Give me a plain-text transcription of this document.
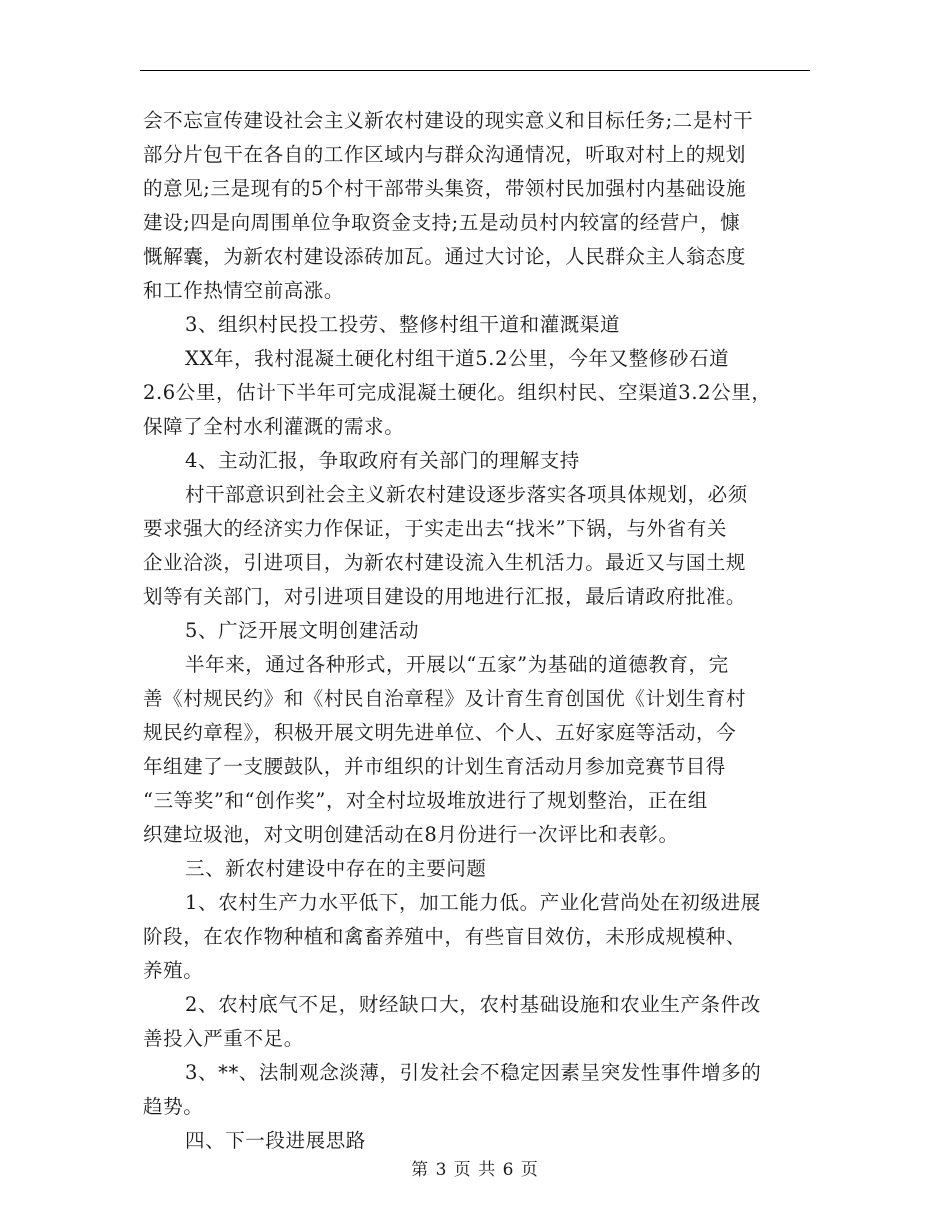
会不忘宣传建设社会主义新农村建设的现实意义和目标任务;二是村干
部分片包干在各自的工作区域内与群众沟通情况，听取对村上的规划
的意见;三是现有的5个村干部带头集资，带领村民加强村内基础设施
建设;四是向周围单位争取资金支持;五是动员村内较富的经营户，慷
慨解囊，为新农村建设添砖加瓦。通过大讨论，人民群众主人翁态度
和工作热情空前高涨。
3、组织村民投工投劳、整修村组干道和灌溉渠道
XX年，我村混凝土硬化村组干道5.2公里，今年又整修砂石道
2.6公里，估计下半年可完成混凝土硬化。组织村民、空渠道3.2公里，
保障了全村水利灌溉的需求。
4、主动汇报，争取政府有关部门的理解支持
村干部意识到社会主义新农村建设逐步落实各项具体规划，必须
要求强大的经济实力作保证，于实走出去“找米”下锅，与外省有关
企业洽淡，引进项目，为新农村建设流入生机活力。最近又与国土规
划等有关部门，对引进项目建设的用地进行汇报，最后请政府批准。
5、广泛开展文明创建活动
半年来，通过各种形式，开展以“五家”为基础的道德教育，完
善《村规民约》和《村民自治章程》及计育生育创国优《计划生育村
规民约章程》，积极开展文明先进单位、个人、五好家庭等活动，今
年组建了一支腰鼓队，并市组织的计划生育活动月参加竞赛节目得
“三等奖”和“创作奖”，对全村垃圾堆放进行了规划整治，正在组
织建垃圾池，对文明创建活动在8月份进行一次评比和表彰。
三、新农村建设中存在的主要问题
1、农村生产力水平低下，加工能力低。产业化营尚处在初级进展
阶段，在农作物种植和禽畜养殖中，有些盲目效仿，未形成规模种、
养殖。
2、农村底气不足，财经缺口大，农村基础设施和农业生产条件改
善投入严重不足。
3、**、法制观念淡薄，引发社会不稳定因素呈突发性事件增多的
趋势。
四、下一段进展思路
第 3 页 共 6 页
